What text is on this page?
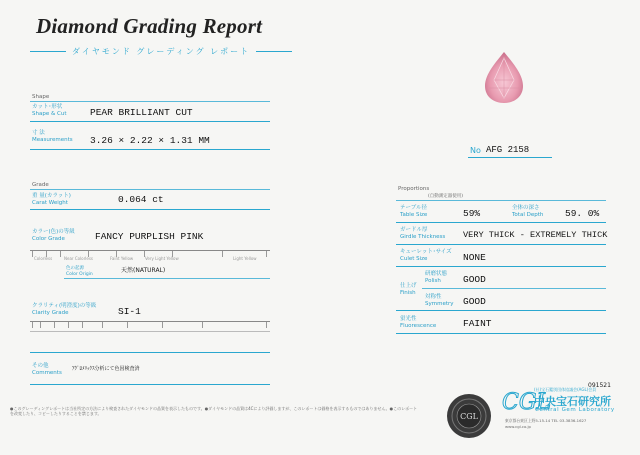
Diamond Grading Report
ダイヤモンド グレーディング レポート
Shape
カット･形状
Shape & Cut PEAR BRILLIANT CUT
寸 法
Measurements 3.26 × 2.22 × 1.31 MM
No AFG 2158
Grade
重 量(カラット)
Carat Weight	0.064 ct
カラー(色)の等級
Color Grade	FANCY PURPLISH PINK
Colorless	Near Colorless	Faint Yellow	Very Light Yellow	Light Yellow
色の起源
Color Origin	天然(NATURAL)
クラリティ(明澄度)の等級
Clarity Grade	SI-1
その他
Comments
ｱｸﾞﾛﾒﾘｯｸｽ分析にて色因検査済
Proportions
(自動測定器使用)
テーブル径
Table Size	59%	全体の深さ
Total Depth 59. 0%
ガードル厚
Girdle Thickness VERY THICK - EXTREMELY THICK
キューレット･サイズ
Culet Size	NONE
仕上げ
Finish
研磨状態
Polish	GOOD
対称性
Symmetry GOOD
蛍光性
Fluorescence	FAINT
091521
●このグレーディングレポートは当社所定の方法により検査されたダイヤモンドの品質を表示したものです。●ダイヤモンドの品質は4Cにより評価しますが、このレポートは価格を表示するものではありません。●このレポートを改変したり、コピーしたりすることを禁じます。	CGL
CGL
(社)宝石鑑別団体協議会(AGL)会員
中央宝石研究所
Central Gem Laboratory
東京都台東区上野5-15-14 TEL 03-3836-1627
www.cgl.co.jp
